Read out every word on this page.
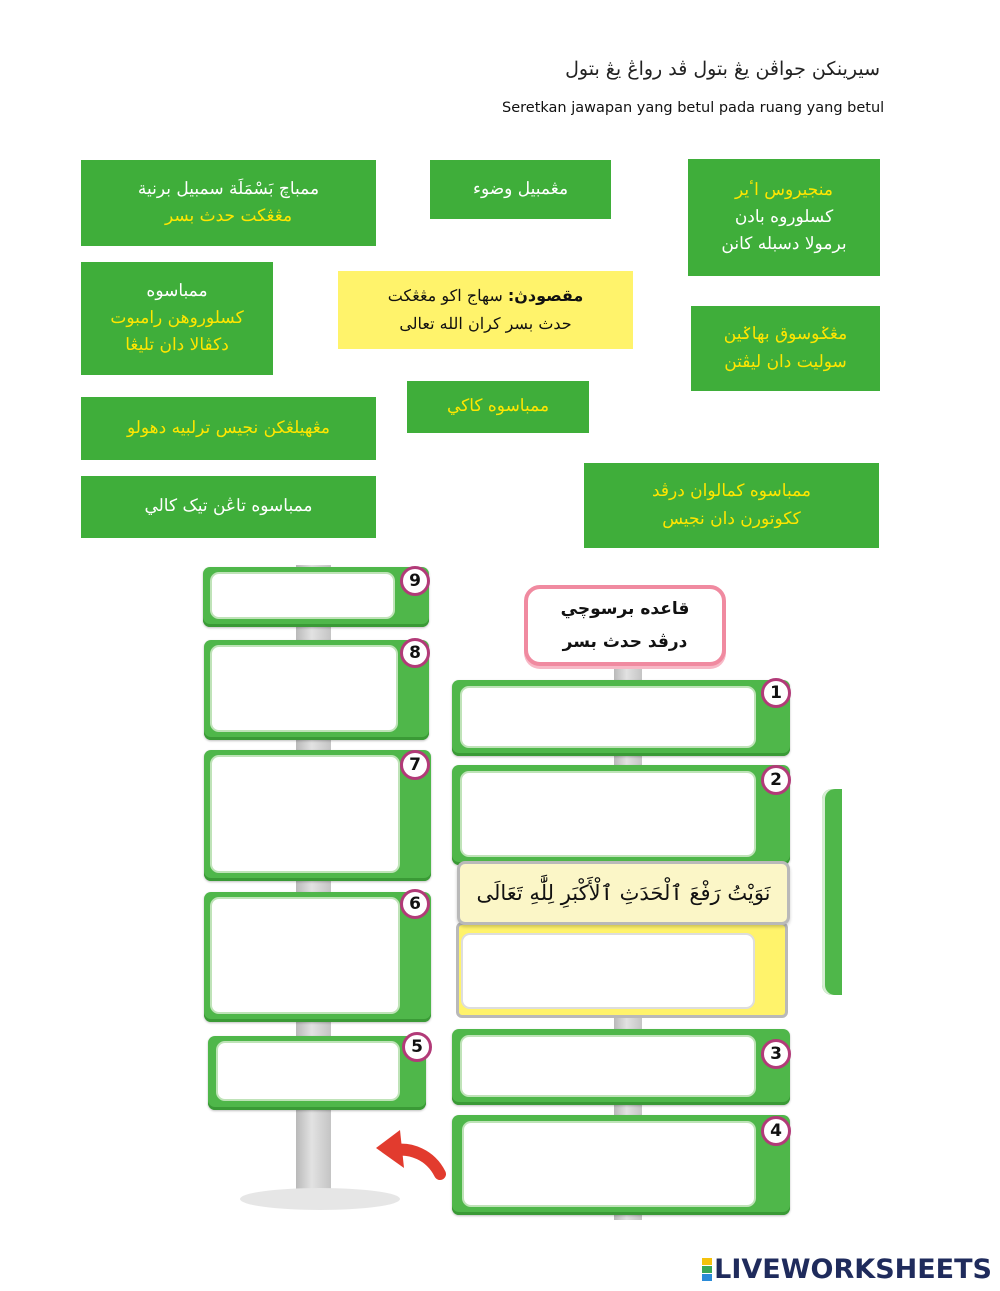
سيرينكن جواڤن يڠ بتول ڤد رواڠ يڠ بتول
Seretkan jawapan yang betul pada ruang yang betul
ممباچ بَسْمَلَة سمبيل برنية
مڠڠکت حدث بسر
مڠمبيل وضوء	منجيروس اٴير
کسلوروه بادن
برمولا دسبله کانن
ممباسوه
کسلوروهن رامبوت
دکڤالا دان تليڠا
مقصودڽ: سهاج اکو مڠڠکت
حدث بسر کران الله تعالى
مڠݢوسوق بهاݢين
سوليت دان ليڤتن
ممباسوه کاکي
مڠهيلڠکن نجيس ترلبيه دهولو
ممباسوه کمالوان درڤد
ککوتورن دان نجيس
ممباسوه تاڠن تيک کالي
9
8
7
6
5
قاعده برسوچي
درڤد حدث بسر
1
2
نَوَيْتُ رَفْعَ ٱلْحَدَثِ ٱلْأَكْبَرِ لِلَّٰهِ تَعَالَى
3
4
LIVEWORKSHEETS
